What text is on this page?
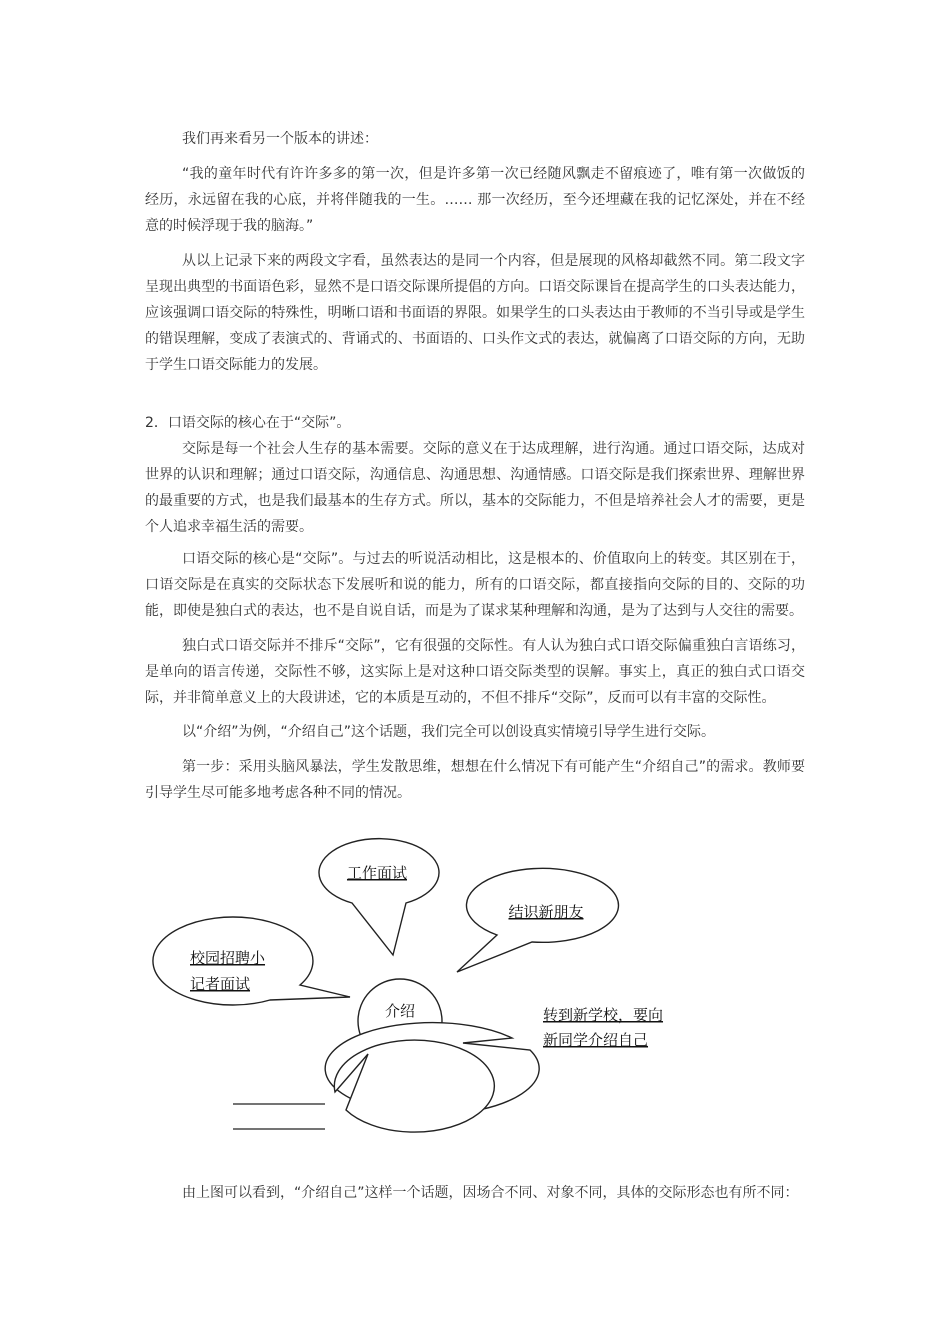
我们再来看另一个版本的讲述：

“我的童年时代有许许多多的第一次，但是许多第一次已经随风飘走不留痕迹了，唯有第一次做饭的经历，永远留在我的心底，并将伴随我的一生。…… 那一次经历，至今还埋藏在我的记忆深处，并在不经意的时候浮现于我的脑海。”

从以上记录下来的两段文字看，虽然表达的是同一个内容，但是展现的风格却截然不同。第二段文字呈现出典型的书面语色彩，显然不是口语交际课所提倡的方向。口语交际课旨在提高学生的口头表达能力，应该强调口语交际的特殊性，明晰口语和书面语的界限。如果学生的口头表达由于教师的不当引导或是学生的错误理解，变成了表演式的、背诵式的、书面语的、口头作文式的表达，就偏离了口语交际的方向，无助于学生口语交际能力的发展。

2．口语交际的核心在于“交际”。

交际是每一个社会人生存的基本需要。交际的意义在于达成理解，进行沟通。通过口语交际，达成对世界的认识和理解；通过口语交际，沟通信息、沟通思想、沟通情感。口语交际是我们探索世界、理解世界的最重要的方式，也是我们最基本的生存方式。所以，基本的交际能力，不但是培养社会人才的需要，更是个人追求幸福生活的需要。

口语交际的核心是“交际”。与过去的听说活动相比，这是根本的、价值取向上的转变。其区别在于，口语交际是在真实的交际状态下发展听和说的能力，所有的口语交际，都直接指向交际的目的、交际的功能，即使是独白式的表达，也不是自说自话，而是为了谋求某种理解和沟通，是为了达到与人交往的需要。

独白式口语交际并不排斥“交际”，它有很强的交际性。有人认为独白式口语交际偏重独白言语练习，是单向的语言传递，交际性不够，这实际上是对这种口语交际类型的误解。事实上，真正的独白式口语交际，并非简单意义上的大段讲述，它的本质是互动的，不但不排斥“交际”，反而可以有丰富的交际性。

以“介绍”为例，“介绍自己”这个话题，我们完全可以创设真实情境引导学生进行交际。

第一步：采用头脑风暴法，学生发散思维，想想在什么情况下有可能产生“介绍自己”的需求。教师要引导学生尽可能多地考虑各种不同的情况。

介绍
工作面试
结识新朋友
校园招聘小
记者面试
转到新学校，要向
新同学介绍自己

由上图可以看到，“介绍自己”这样一个话题，因场合不同、对象不同，具体的交际形态也有所不同：
